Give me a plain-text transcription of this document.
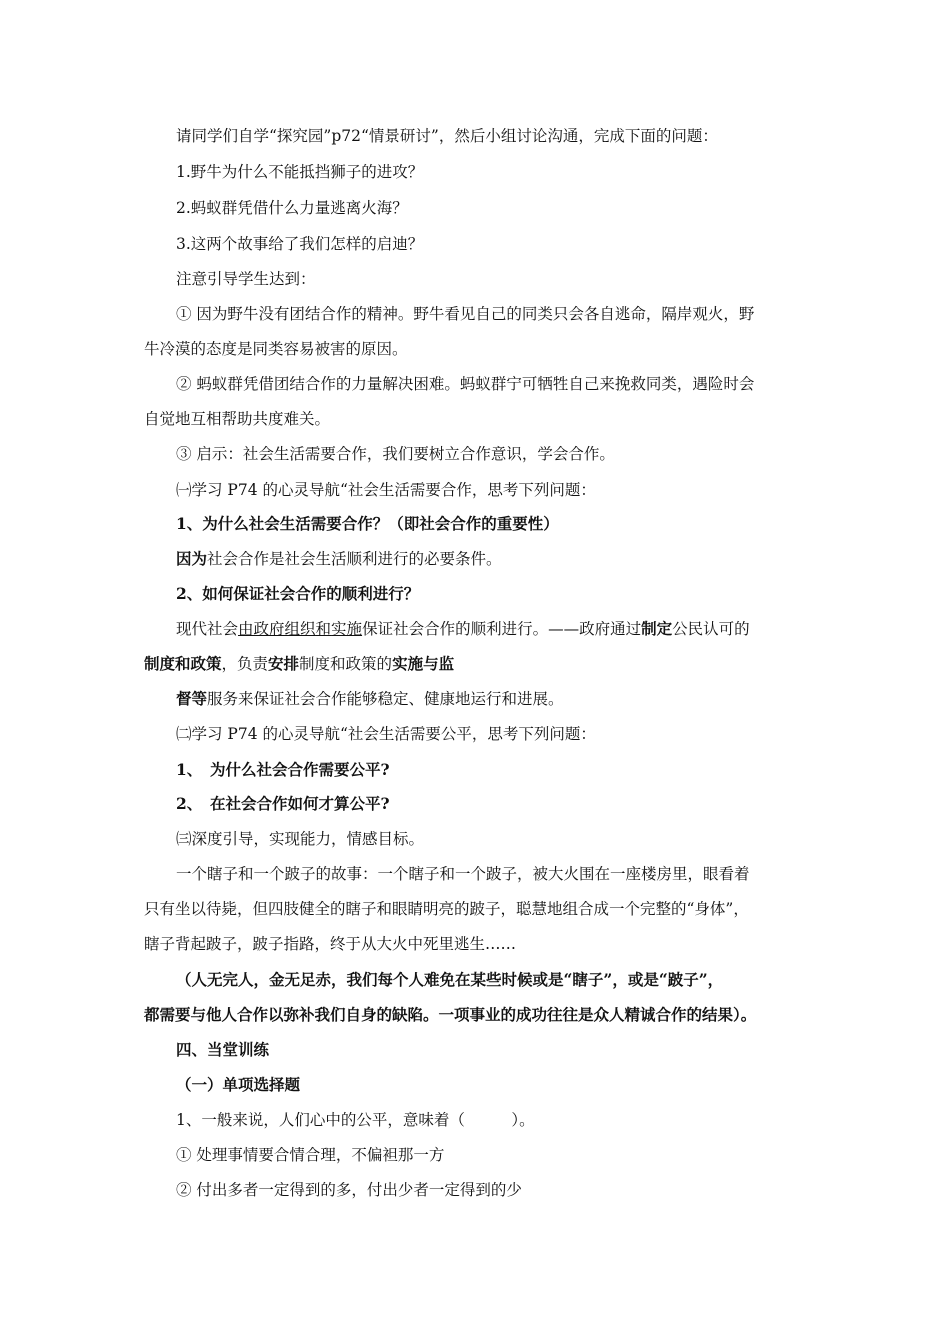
请同学们自学“探究园”p72“情景研讨”，然后小组讨论沟通，完成下面的问题：
1.野牛为什么不能抵挡狮子的进攻？
2.蚂蚁群凭借什么力量逃离火海？
3.这两个故事给了我们怎样的启迪？
注意引导学生达到：
① 因为野牛没有团结合作的精神。野牛看见自己的同类只会各自逃命，隔岸观火，野
牛冷漠的态度是同类容易被害的原因。
② 蚂蚁群凭借团结合作的力量解决困难。蚂蚁群宁可牺牲自己来挽救同类，遇险时会
自觉地互相帮助共度难关。
③ 启示：社会生活需要合作，我们要树立合作意识，学会合作。
㈠学习 P74 的心灵导航“社会生活需要合作，思考下列问题：
1、为什么社会生活需要合作？（即社会合作的重要性）
因为社会合作是社会生活顺利进行的必要条件。
2、如何保证社会合作的顺利进行？
现代社会由政府组织和实施保证社会合作的顺利进行。——政府通过制定公民认可的
制度和政策，负责安排制度和政策的实施与监
督等服务来保证社会合作能够稳定、健康地运行和进展。
㈡学习 P74 的心灵导航“社会生活需要公平，思考下列问题：
1、　为什么社会合作需要公平?
2、　在社会合作如何才算公平?
㈢深度引导，实现能力，情感目标。
一个瞎子和一个跛子的故事：一个瞎子和一个跛子，被大火围在一座楼房里，眼看着
只有坐以待毙，但四肢健全的瞎子和眼睛明亮的跛子，聪慧地组合成一个完整的“身体”，
瞎子背起跛子，跛子指路，终于从大火中死里逃生……
（人无完人，金无足赤，我们每个人难免在某些时候或是“瞎子”，或是“跛子”，
都需要与他人合作以弥补我们自身的缺陷。一项事业的成功往往是众人精诚合作的结果）。
四、当堂训练
（一）单项选择题
1、一般来说，人们心中的公平，意味着（　　　）。
① 处理事情要合情合理，不偏袒那一方
② 付出多者一定得到的多，付出少者一定得到的少
